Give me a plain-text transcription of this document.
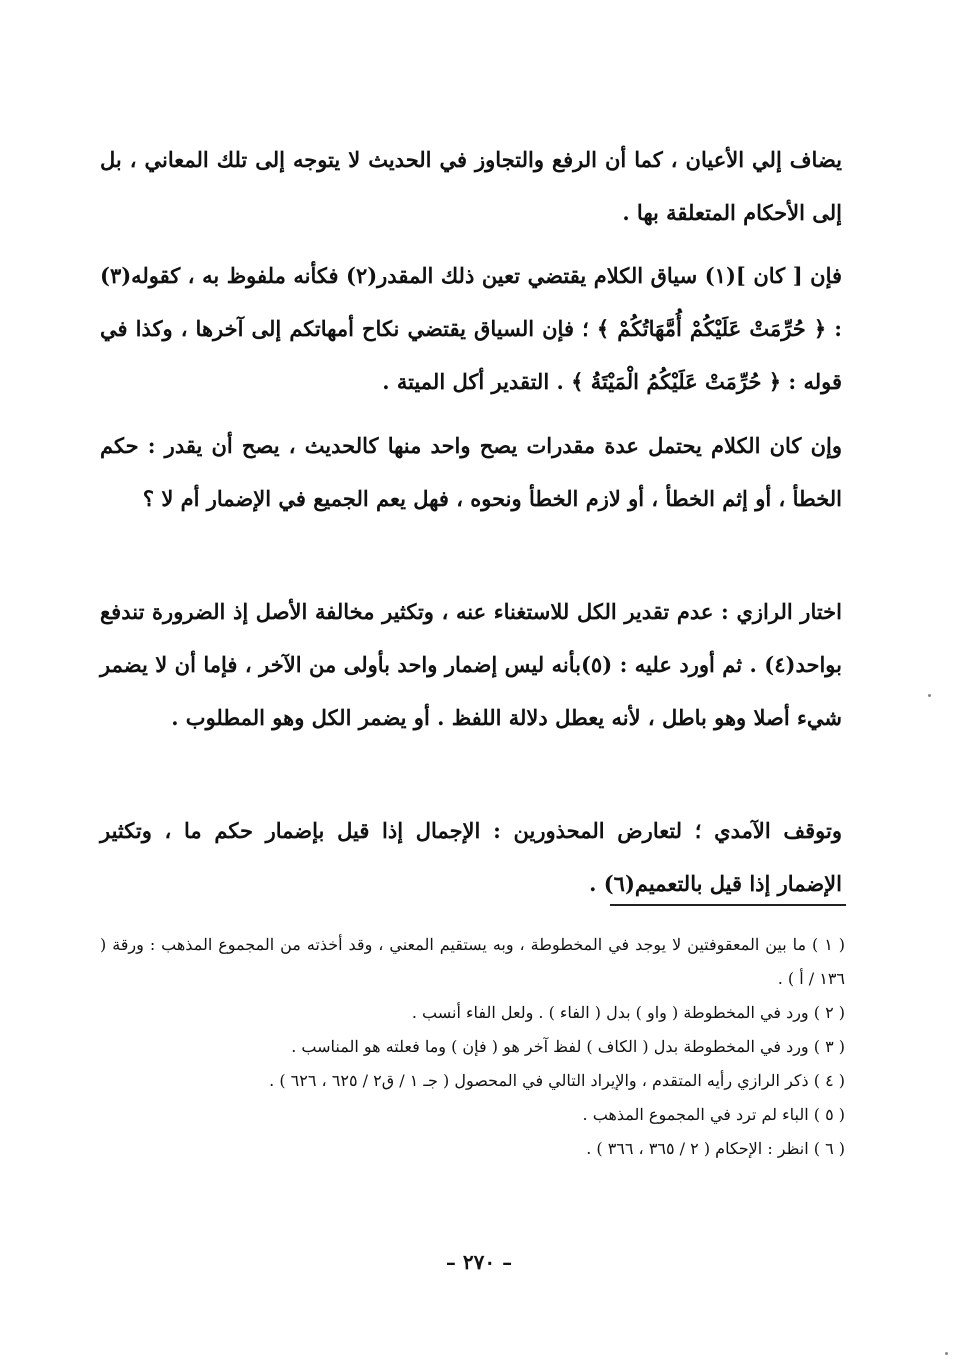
يضاف إلي الأعيان ، كما أن الرفع والتجاوز في الحديث لا يتوجه إلى تلك المعاني ، بل إلى الأحكام المتعلقة بها .

فإن [ كان ](١) سياق الكلام يقتضي تعين ذلك المقدر(٢) فكأنه ملفوظ به ، كقوله(٣) : ﴿ حُرِّمَتْ عَلَيْكُمْ أُمَّهَاتُكُمْ ﴾ ؛ فإن السياق يقتضي نكاح أمهاتكم إلى آخرها ، وكذا في قوله : ﴿ حُرِّمَتْ عَلَيْكُمُ الْمَيْتَةُ ﴾ . التقدير أكل الميتة .

وإن كان الكلام يحتمل عدة مقدرات يصح واحد منها كالحديث ، يصح أن يقدر : حكم الخطأ ، أو إثم الخطأ ، أو لازم الخطأ ونحوه ، فهل يعم الجميع في الإضمار أم لا ؟

اختار الرازي : عدم تقدير الكل للاستغناء عنه ، وتكثير مخالفة الأصل إذ الضرورة تندفع بواحد(٤) . ثم أورد عليه : (٥)بأنه ليس إضمار واحد بأولى من الآخر ، فإما أن لا يضمر شيء أصلا وهو باطل ، لأنه يعطل دلالة اللفظ . أو يضمر الكل وهو المطلوب .

وتوقف الآمدي ؛ لتعارض المحذورين : الإجمال إذا قيل بإضمار حكم ما ، وتكثير الإضمار إذا قيل بالتعميم(٦) .

( ١ ) ما بين المعقوفتين لا يوجد في المخطوطة ، وبه يستقيم المعني ، وقد أخذته من المجموع المذهب : ورقة ( ١٣٦ / أ ) .

( ٢ ) ورد في المخطوطة ( واو ) بدل ( الفاء ) . ولعل الفاء أنسب .

( ٣ ) ورد في المخطوطة بدل ( الكاف ) لفظ آخر هو ( فإن ) وما فعلته هو المناسب .

( ٤ ) ذكر الرازي رأيه المتقدم ، والإيراد التالي في المحصول ( جـ ١ / ق٢ / ٦٢٥ ، ٦٢٦ ) .

( ٥ ) الباء لم ترد في المجموع المذهب .

( ٦ ) انظر : الإحكام ( ٢ / ٣٦٥ ، ٣٦٦ ) .

– ٢٧٠ –
